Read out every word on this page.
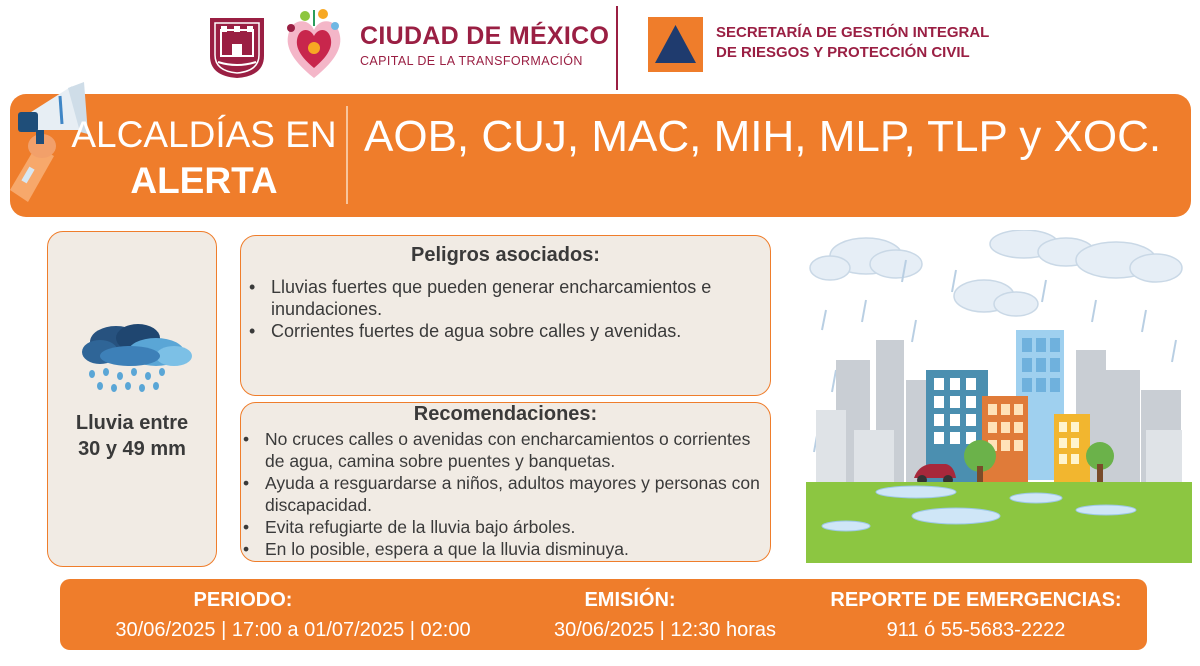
CIUDAD DE MÉXICO
CAPITAL DE LA TRANSFORMACIÓN
SECRETARÍA DE GESTIÓN INTEGRAL
DE RIESGOS Y PROTECCIÓN CIVIL
ALCALDÍAS EN
ALERTA
AOB, CUJ, MAC, MIH, MLP, TLP y XOC.
Lluvia entre
30 y 49 mm
Peligros asociados:
• Lluvias fuertes que pueden generar encharcamientos e inundaciones.
• Corrientes fuertes de agua sobre calles y avenidas.
Recomendaciones:
• No cruces calles o avenidas con encharcamientos o corrientes de agua, camina sobre puentes y banquetas.
• Ayuda a resguardarse a niños, adultos mayores y personas con discapacidad.
• Evita refugiarte de la lluvia bajo árboles.
• En lo posible, espera a que la lluvia disminuya.
PERIODO:
30/06/2025 | 17:00 a 01/07/2025 | 02:00
EMISIÓN:
30/06/2025 | 12:30 horas
REPORTE DE EMERGENCIAS:
911 ó 55-5683-2222
